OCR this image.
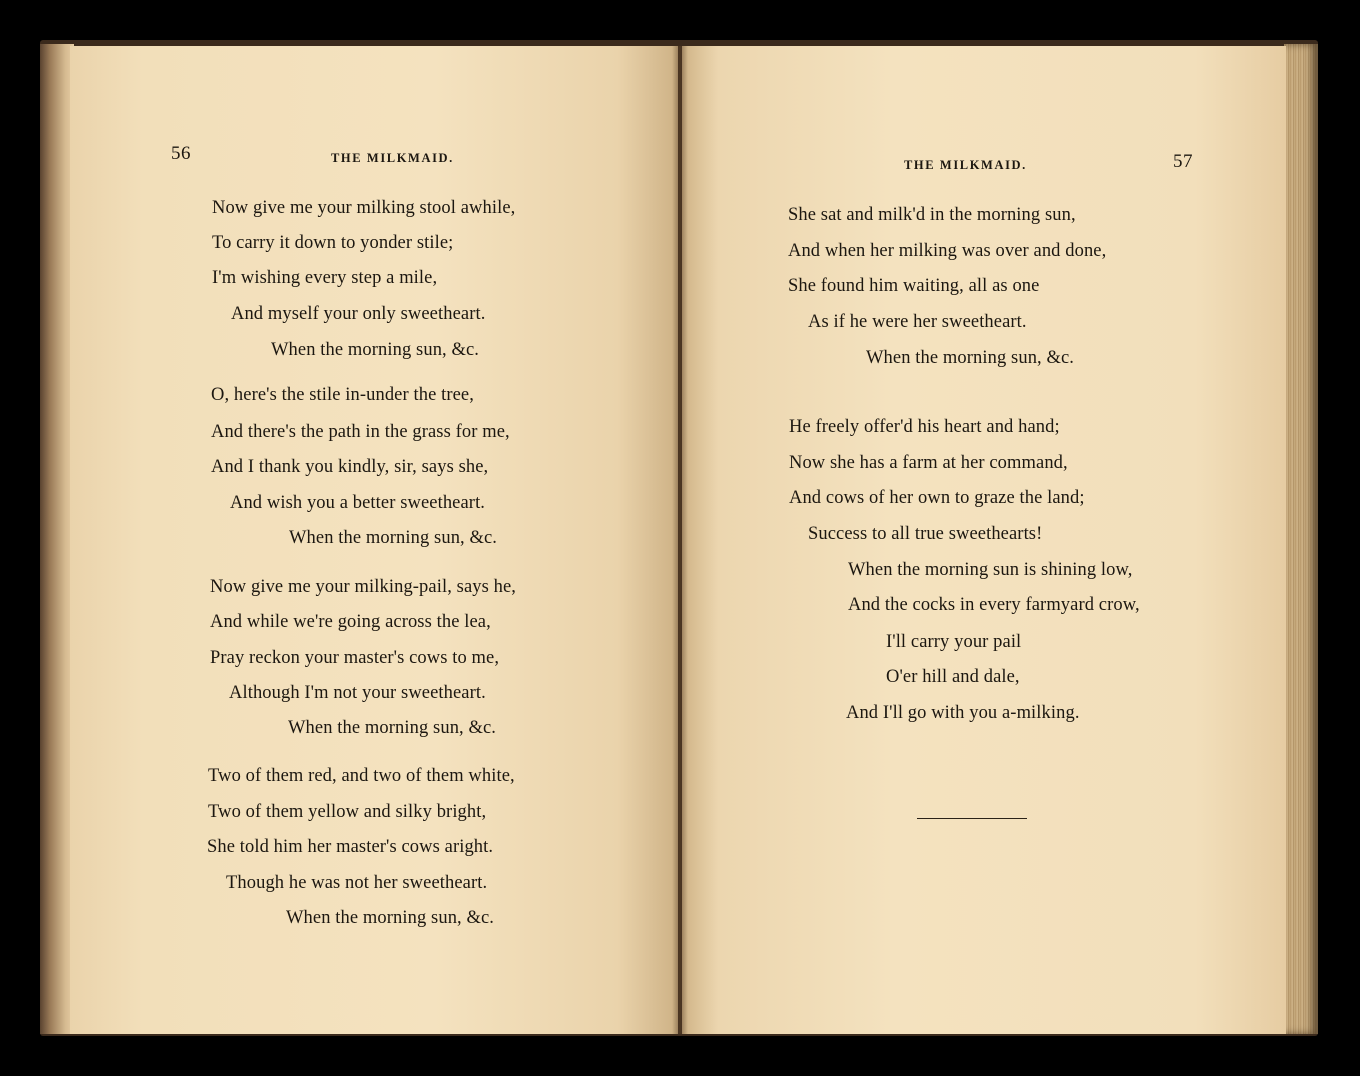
56	THE MILKMAID.
Now give me your milking stool awhile,
To carry it down to yonder stile;
I'm wishing every step a mile,
And myself your only sweetheart.
When the morning sun, &c.
O, here's the stile in-under the tree,
And there's the path in the grass for me,
And I thank you kindly, sir, says she,
And wish you a better sweetheart.
When the morning sun, &c.
Now give me your milking-pail, says he,
And while we're going across the lea,
Pray reckon your master's cows to me,
Although I'm not your sweetheart.
When the morning sun, &c.
Two of them red, and two of them white,
Two of them yellow and silky bright,
She told him her master's cows aright.
Though he was not her sweetheart.
When the morning sun, &c.
THE MILKMAID.	57
She sat and milk'd in the morning sun,
And when her milking was over and done,
She found him waiting, all as one
As if he were her sweetheart.
When the morning sun, &c.
He freely offer'd his heart and hand;
Now she has a farm at her command,
And cows of her own to graze the land;
Success to all true sweethearts!
When the morning sun is shining low,
And the cocks in every farmyard crow,
I'll carry your pail
O'er hill and dale,
And I'll go with you a-milking.
